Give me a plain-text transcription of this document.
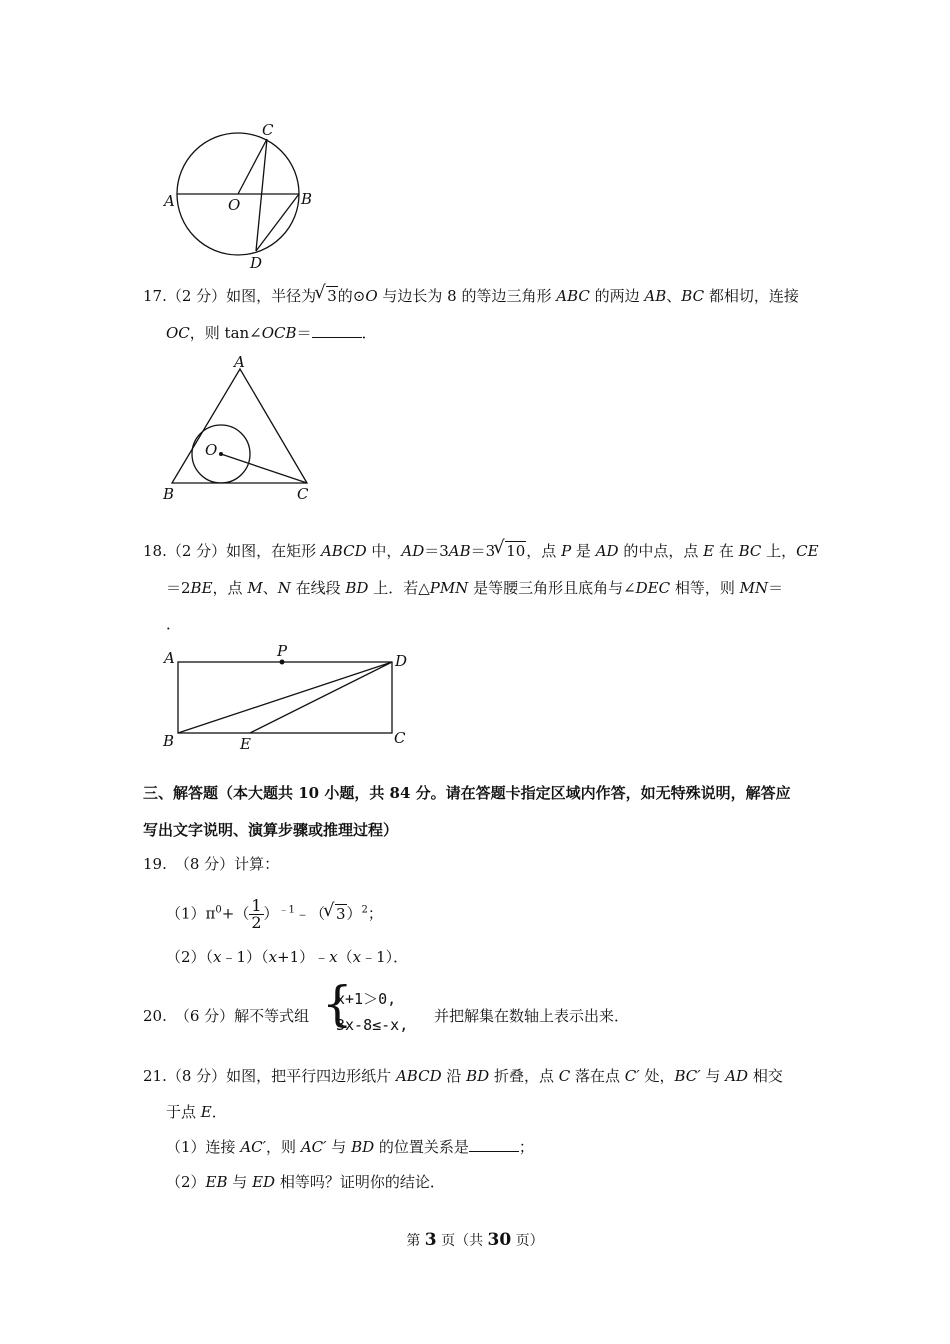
C
A	O	B
D
17.（2 分）如图，半径为√ 3的⊙O 与边长为 8 的等边三角形 ABC 的两边 AB、BC 都相切，连接
OC，则 tan∠OCB＝	．
A
O
B	C
18.（2 分）如图，在矩形 ABCD 中，AD＝3AB＝3√ 10，点 P 是 AD 的中点，点 E 在 BC 上，CE
＝2BE，点 M、N 在线段 BD 上．若△PMN 是等腰三角形且底角与∠DEC 相等，则 MN＝
．
A	P
D
B	E	C
三、解答题（本大题共 10 小题，共 84 分。请在答题卡指定区域内作答，如无特殊说明，解答应
写出文字说明、演算步骤或推理过程）
19. （8 分）计算：
$(1)\pi^0+( \frac{1}{2}$ ）$^{﹣1}﹣(√$ 3）$^2$；
（2）（x﹣1）（x+1）﹣x（x﹣1）．
20. （6 分）解不等式组 {
x+1＞0,
3x-8≤-x, 并把解集在数轴上表示出来．
21.（8 分）如图，把平行四边形纸片 ABCD 沿 BD 折叠，点 C 落在点 C′ 处，BC′ 与 AD 相交
于点 E．
（1）连接 AC′，则 AC′ 与 BD 的位置关系是	；
（2）EB 与 ED 相等吗？证明你的结论．
第 3 页（共 30 页）
